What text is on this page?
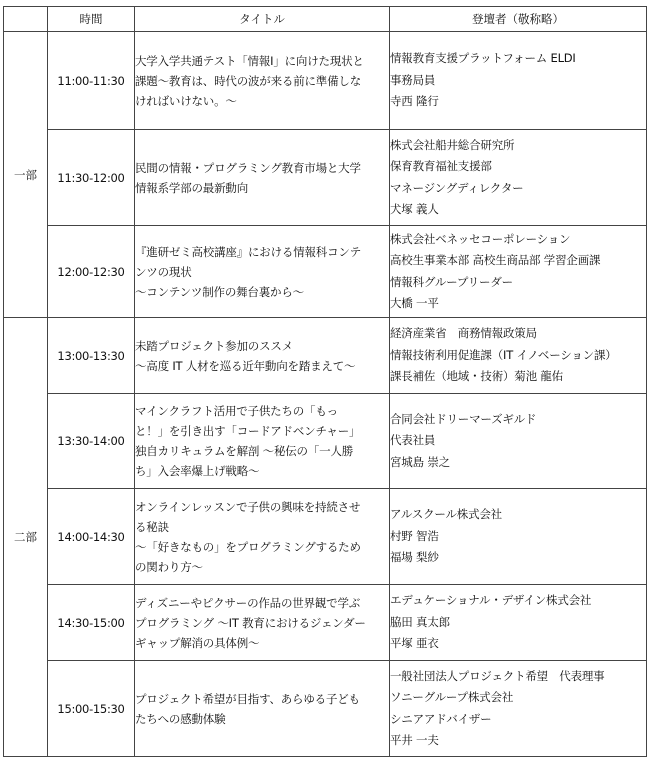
	時間	タイトル	登壇者（敬称略）
一部	11:00-11:30	大学入学共通テスト「情報Ⅰ」に向けた現状と
課題～教育は、時代の波が来る前に準備しな
ければいけない。～	情報教育支援プラットフォーム ELDI
事務局員
寺西 隆行

	11:30-12:00	民間の情報・プログラミング教育市場と大学
情報系学部の最新動向	株式会社船井総合研究所
保育教育福祉支援部
マネージングディレクター
犬塚 義人

	12:00-12:30	『進研ゼミ高校講座』における情報科コンテ
ンツの現状
～コンテンツ制作の舞台裏から～	株式会社ベネッセコーポレーション
高校生事業本部 高校生商品部 学習企画課
情報科グループリーダー
大橋 一平

二部	13:00-13:30	未踏プロジェクト参加のススメ
～高度 IT 人材を巡る近年動向を踏まえて～	経済産業省　商務情報政策局
情報技術利用促進課（IT イノベーション課）
課長補佐（地域・技術）菊池 龍佑

	13:30-14:00	マインクラフト活用で子供たちの「もっ
と！」を引き出す「コードアドベンチャー」
独自カリキュラムを解剖 ～秘伝の「一人勝
ち」入会率爆上げ戦略～	合同会社ドリーマーズギルド
代表社員
宮城島 崇之

	14:00-14:30	オンラインレッスンで子供の興味を持続させ
る秘訣
～「好きなもの」をプログラミングするため
の関わり方～	アルスクール株式会社
村野 智浩
福場 梨紗

	14:30-15:00	ディズニーやピクサーの作品の世界観で学ぶ
プログラミング ～IT 教育におけるジェンダー
ギャップ解消の具体例～	エデュケーショナル・デザイン株式会社
脇田 真太郎
平塚 亜衣

	15:00-15:30	プロジェクト希望が目指す、あらゆる子ども
たちへの感動体験	一般社団法人プロジェクト希望　代表理事
ソニーグループ株式会社
シニアアドバイザー
平井 一夫
